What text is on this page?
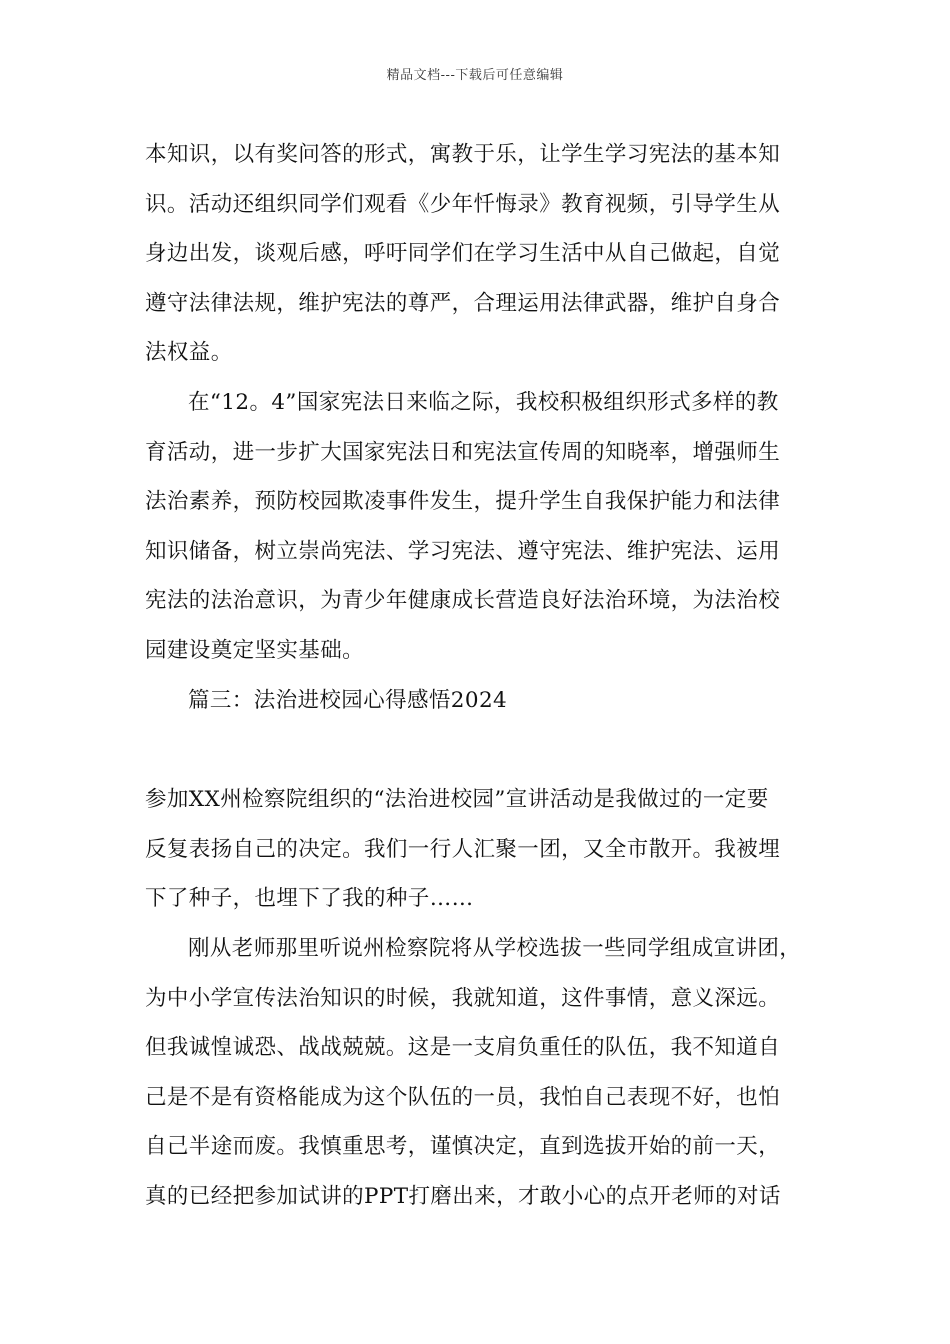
精品文档---下载后可任意编辑
本知识，以有奖问答的形式，寓教于乐，让学生学习宪法的基本知
识。活动还组织同学们观看《少年忏悔录》教育视频，引导学生从
身边出发，谈观后感，呼吁同学们在学习生活中从自己做起，自觉
遵守法律法规，维护宪法的尊严，合理运用法律武器，维护自身合
法权益。
在“12。4”国家宪法日来临之际，我校积极组织形式多样的教
育活动，进一步扩大国家宪法日和宪法宣传周的知晓率，增强师生
法治素养，预防校园欺凌事件发生，提升学生自我保护能力和法律
知识储备，树立崇尚宪法、学习宪法、遵守宪法、维护宪法、运用
宪法的法治意识，为青少年健康成长营造良好法治环境，为法治校
园建设奠定坚实基础。
篇三：法治进校园心得感悟2024
参加XX州检察院组织的“法治进校园”宣讲活动是我做过的一定要
反复表扬自己的决定。我们一行人汇聚一团，又全市散开。我被埋
下了种子，也埋下了我的种子……
刚从老师那里听说州检察院将从学校选拔一些同学组成宣讲团，
为中小学宣传法治知识的时候，我就知道，这件事情，意义深远。
但我诚惶诚恐、战战兢兢。这是一支肩负重任的队伍，我不知道自
己是不是有资格能成为这个队伍的一员，我怕自己表现不好，也怕
自己半途而废。我慎重思考，谨慎决定，直到选拔开始的前一天，
真的已经把参加试讲的PPT打磨出来，才敢小心的点开老师的对话
